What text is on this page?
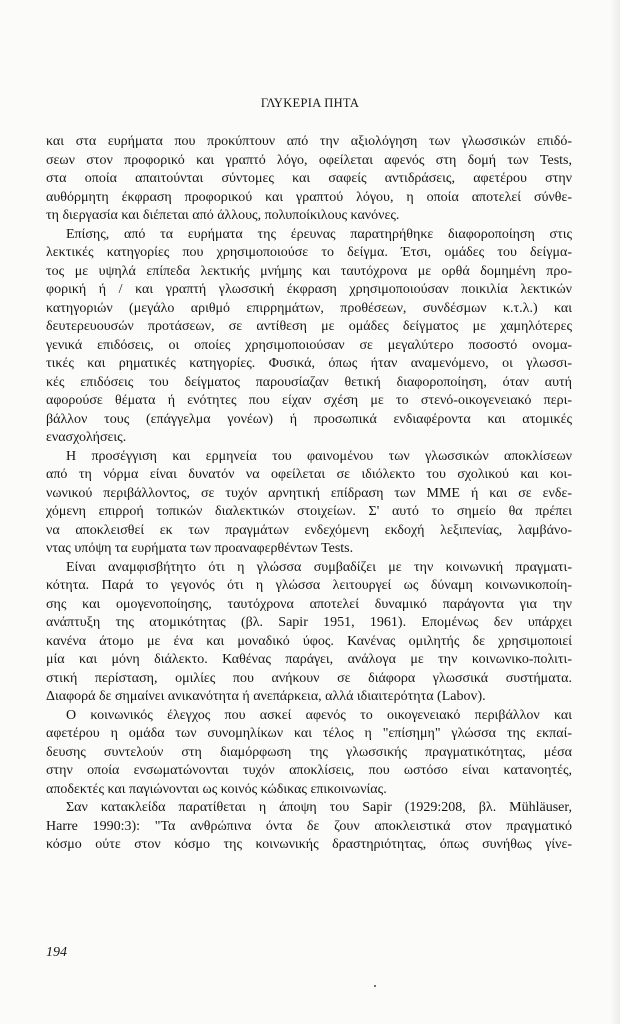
ΓΛΥΚΕΡΙΑ ΠΗΤΑ
και στα ευρήματα που προκύπτουν από την αξιολόγηση των γλωσσικών επιδό-
σεων στον προφορικό και γραπτό λόγο, οφείλεται αφενός στη δομή των Tests,
στα οποία απαιτούνται σύντομες και σαφείς αντιδράσεις, αφετέρου στην
αυθόρμητη έκφραση προφορικού και γραπτού λόγου, η οποία αποτελεί σύνθε-
τη διεργασία και διέπεται από άλλους, πολυποίκιλους κανόνες.
Επίσης, από τα ευρήματα της έρευνας παρατηρήθηκε διαφοροποίηση στις
λεκτικές κατηγορίες που χρησιμοποιούσε το δείγμα. Έτσι, ομάδες του δείγμα-
τος με υψηλά επίπεδα λεκτικής μνήμης και ταυτόχρονα με ορθά δομημένη προ-
φορική ή / και γραπτή γλωσσική έκφραση χρησιμοποιούσαν ποικιλία λεκτικών
κατηγοριών (μεγάλο αριθμό επιρρημάτων, προθέσεων, συνδέσμων κ.τ.λ.) και
δευτερευουσών προτάσεων, σε αντίθεση με ομάδες δείγματος με χαμηλότερες
γενικά επιδόσεις, οι οποίες χρησιμοποιούσαν σε μεγαλύτερο ποσοστό ονομα-
τικές και ρηματικές κατηγορίες. Φυσικά, όπως ήταν αναμενόμενο, οι γλωσσι-
κές επιδόσεις του δείγματος παρουσίαζαν θετική διαφοροποίηση, όταν αυτή
αφορούσε θέματα ή ενότητες που είχαν σχέση με το στενό-οικογενειακό περι-
βάλλον τους (επάγγελμα γονέων) ή προσωπικά ενδιαφέροντα και ατομικές
ενασχολήσεις.
Η προσέγγιση και ερμηνεία του φαινομένου των γλωσσικών αποκλίσεων
από τη νόρμα είναι δυνατόν να οφείλεται σε ιδιόλεκτο του σχολικού και κοι-
νωνικού περιβάλλοντος, σε τυχόν αρνητική επίδραση των ΜΜΕ ή και σε ενδε-
χόμενη επιρροή τοπικών διαλεκτικών στοιχείων. Σ' αυτό το σημείο θα πρέπει
να αποκλεισθεί εκ των πραγμάτων ενδεχόμενη εκδοχή λεξιπενίας, λαμβάνο-
ντας υπόψη τα ευρήματα των προαναφερθέντων Tests.
Είναι αναμφισβήτητο ότι η γλώσσα συμβαδίζει με την κοινωνική πραγματι-
κότητα. Παρά το γεγονός ότι η γλώσσα λειτουργεί ως δύναμη κοινωνικοποίη-
σης και ομογενοποίησης, ταυτόχρονα αποτελεί δυναμικό παράγοντα για την
ανάπτυξη της ατομικότητας (βλ. Sapir 1951, 1961). Επομένως δεν υπάρχει
κανένα άτομο με ένα και μοναδικό ύφος. Κανένας ομιλητής δε χρησιμοποιεί
μία και μόνη διάλεκτο. Καθένας παράγει, ανάλογα με την κοινωνικο-πολιτι-
στική περίσταση, ομιλίες που ανήκουν σε διάφορα γλωσσικά συστήματα.
Διαφορά δε σημαίνει ανικανότητα ή ανεπάρκεια, αλλά ιδιαιτερότητα (Labov).
Ο κοινωνικός έλεγχος που ασκεί αφενός το οικογενειακό περιβάλλον και
αφετέρου η ομάδα των συνομηλίκων και τέλος η "επίσημη" γλώσσα της εκπαί-
δευσης συντελούν στη διαμόρφωση της γλωσσικής πραγματικότητας, μέσα
στην οποία ενσωματώνονται τυχόν αποκλίσεις, που ωστόσο είναι κατανοητές,
αποδεκτές και παγιώνονται ως κοινός κώδικας επικοινωνίας.
Σαν κατακλείδα παρατίθεται η άποψη του Sapir (1929:208, βλ. Mühläuser,
Harre 1990:3): "Τα ανθρώπινα όντα δε ζουν αποκλειστικά στον πραγματικό
κόσμο ούτε στον κόσμο της κοινωνικής δραστηριότητας, όπως συνήθως γίνε-
194
